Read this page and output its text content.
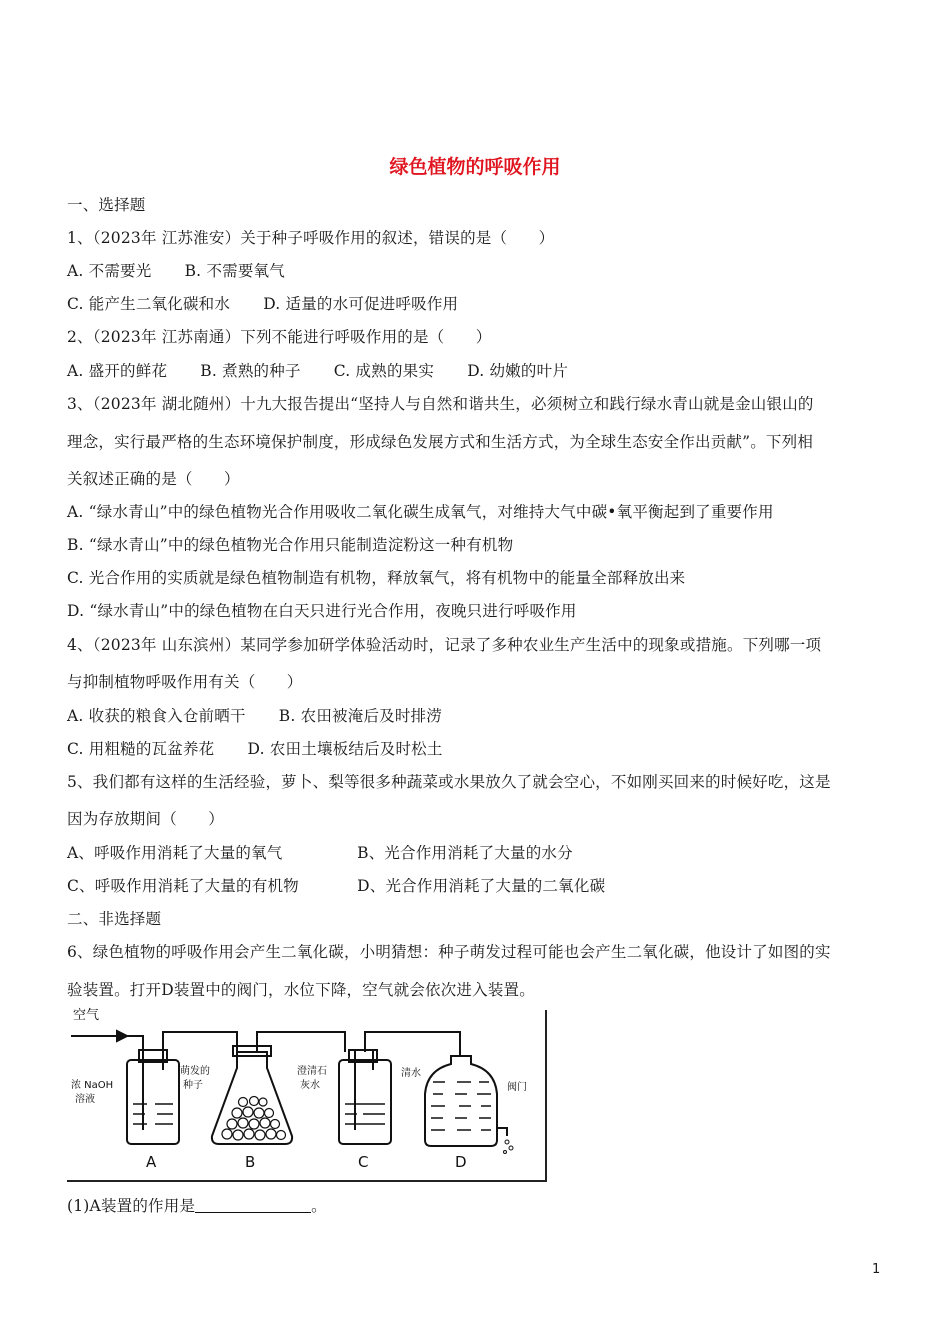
绿色植物的呼吸作用
一、选择题
1、（2023年 江苏淮安）关于种子呼吸作用的叙述，错误的是（　　）
A. 不需要光 B. 不需要氧气
C. 能产生二氧化碳和水 D. 适量的水可促进呼吸作用
2、（2023年 江苏南通）下列不能进行呼吸作用的是（　　）
A. 盛开的鲜花 B. 煮熟的种子 C. 成熟的果实 D. 幼嫩的叶片
3、（2023年 湖北随州）十九大报告提出“坚持人与自然和谐共生，必须树立和践行绿水青山就是金山银山的
理念，实行最严格的生态环境保护制度，形成绿色发展方式和生活方式，为全球生态安全作出贡献”。下列相
关叙述正确的是（　　）
A. “绿水青山”中的绿色植物光合作用吸收二氧化碳生成氧气，对维持大气中碳•氧平衡起到了重要作用
B. “绿水青山”中的绿色植物光合作用只能制造淀粉这一种有机物
C. 光合作用的实质就是绿色植物制造有机物，释放氧气，将有机物中的能量全部释放出来
D. “绿水青山”中的绿色植物在白天只进行光合作用，夜晚只进行呼吸作用
4、（2023年 山东滨州）某同学参加研学体验活动时，记录了多种农业生产生活中的现象或措施。下列哪一项
与抑制植物呼吸作用有关（　　）
A. 收获的粮食入仓前晒干 B. 农田被淹后及时排涝
C. 用粗糙的瓦盆养花 D. 农田土壤板结后及时松土
5、我们都有这样的生活经验，萝卜、梨等很多种蔬菜或水果放久了就会空心，不如刚买回来的时候好吃，这是
因为存放期间（　　）
A、呼吸作用消耗了大量的氧气	B、光合作用消耗了大量的水分
C、呼吸作用消耗了大量的有机物	D、光合作用消耗了大量的二氧化碳
二、非选择题
6、绿色植物的呼吸作用会产生二氧化碳，小明猜想：种子萌发过程可能也会产生二氧化碳，他设计了如图的实
验装置。打开D装置中的阀门，水位下降，空气就会依次进入装置。
空气
浓 NaOH
溶液
萌发的
种子
澄清石
灰水
清水
阀门
A	B	C	D
(1)A装置的作用是	。
1
